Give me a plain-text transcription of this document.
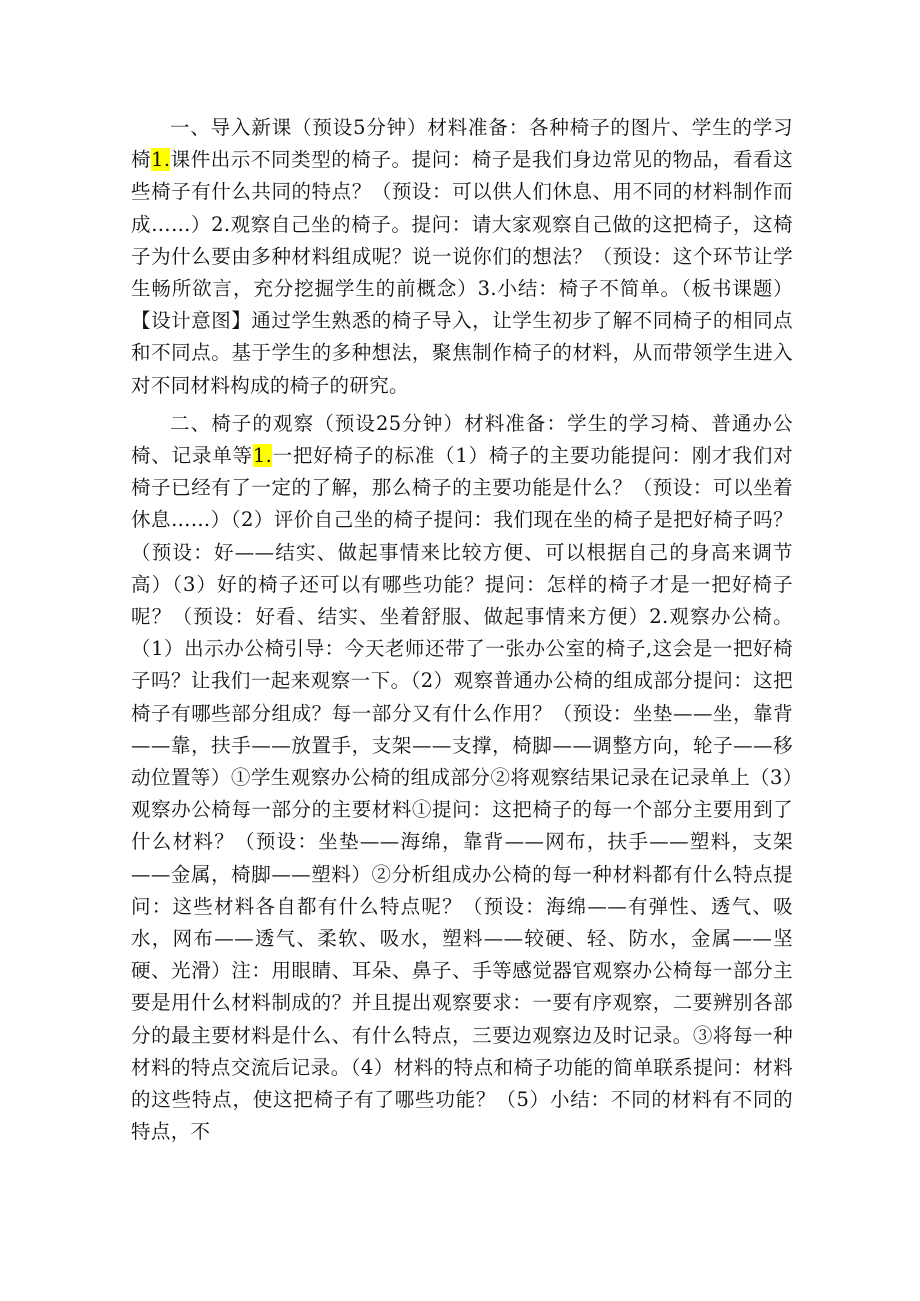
一、导入新课（预设5分钟）材料准备：各种椅子的图片、学生的学习椅1.课件出示不同类型的椅子。提问：椅子是我们身边常见的物品，看看这些椅子有什么共同的特点？（预设：可以供人们休息、用不同的材料制作而成……）2.观察自己坐的椅子。提问：请大家观察自己做的这把椅子，这椅子为什么要由多种材料组成呢？说一说你们的想法？（预设：这个环节让学生畅所欲言，充分挖掘学生的前概念）3.小结：椅子不简单。（板书课题）【设计意图】通过学生熟悉的椅子导入，让学生初步了解不同椅子的相同点和不同点。基于学生的多种想法，聚焦制作椅子的材料，从而带领学生进入对不同材料构成的椅子的研究。

二、椅子的观察（预设25分钟）材料准备：学生的学习椅、普通办公椅、记录单等1.一把好椅子的标准（1）椅子的主要功能提问：刚才我们对椅子已经有了一定的了解，那么椅子的主要功能是什么？（预设：可以坐着休息……）（2）评价自己坐的椅子提问：我们现在坐的椅子是把好椅子吗？（预设：好——结实、做起事情来比较方便、可以根据自己的身高来调节高）（3）好的椅子还可以有哪些功能？提问：怎样的椅子才是一把好椅子呢？（预设：好看、结实、坐着舒服、做起事情来方便）2.观察办公椅。（1）出示办公椅引导：今天老师还带了一张办公室的椅子,这会是一把好椅子吗？让我们一起来观察一下。（2）观察普通办公椅的组成部分提问：这把椅子有哪些部分组成？每一部分又有什么作用？（预设：坐垫——坐，靠背——靠，扶手——放置手，支架——支撑，椅脚——调整方向，轮子——移动位置等）①学生观察办公椅的组成部分②将观察结果记录在记录单上（3）观察办公椅每一部分的主要材料①提问：这把椅子的每一个部分主要用到了什么材料？（预设：坐垫——海绵，靠背——网布，扶手——塑料，支架——金属，椅脚——塑料）②分析组成办公椅的每一种材料都有什么特点提问：这些材料各自都有什么特点呢？（预设：海绵——有弹性、透气、吸水，网布——透气、柔软、吸水，塑料——较硬、轻、防水，金属——坚硬、光滑）注：用眼睛、耳朵、鼻子、手等感觉器官观察办公椅每一部分主要是用什么材料制成的？并且提出观察要求：一要有序观察，二要辨别各部分的最主要材料是什么、有什么特点，三要边观察边及时记录。③将每一种材料的特点交流后记录。（4）材料的特点和椅子功能的简单联系提问：材料的这些特点，使这把椅子有了哪些功能？（5）小结：不同的材料有不同的特点，不
